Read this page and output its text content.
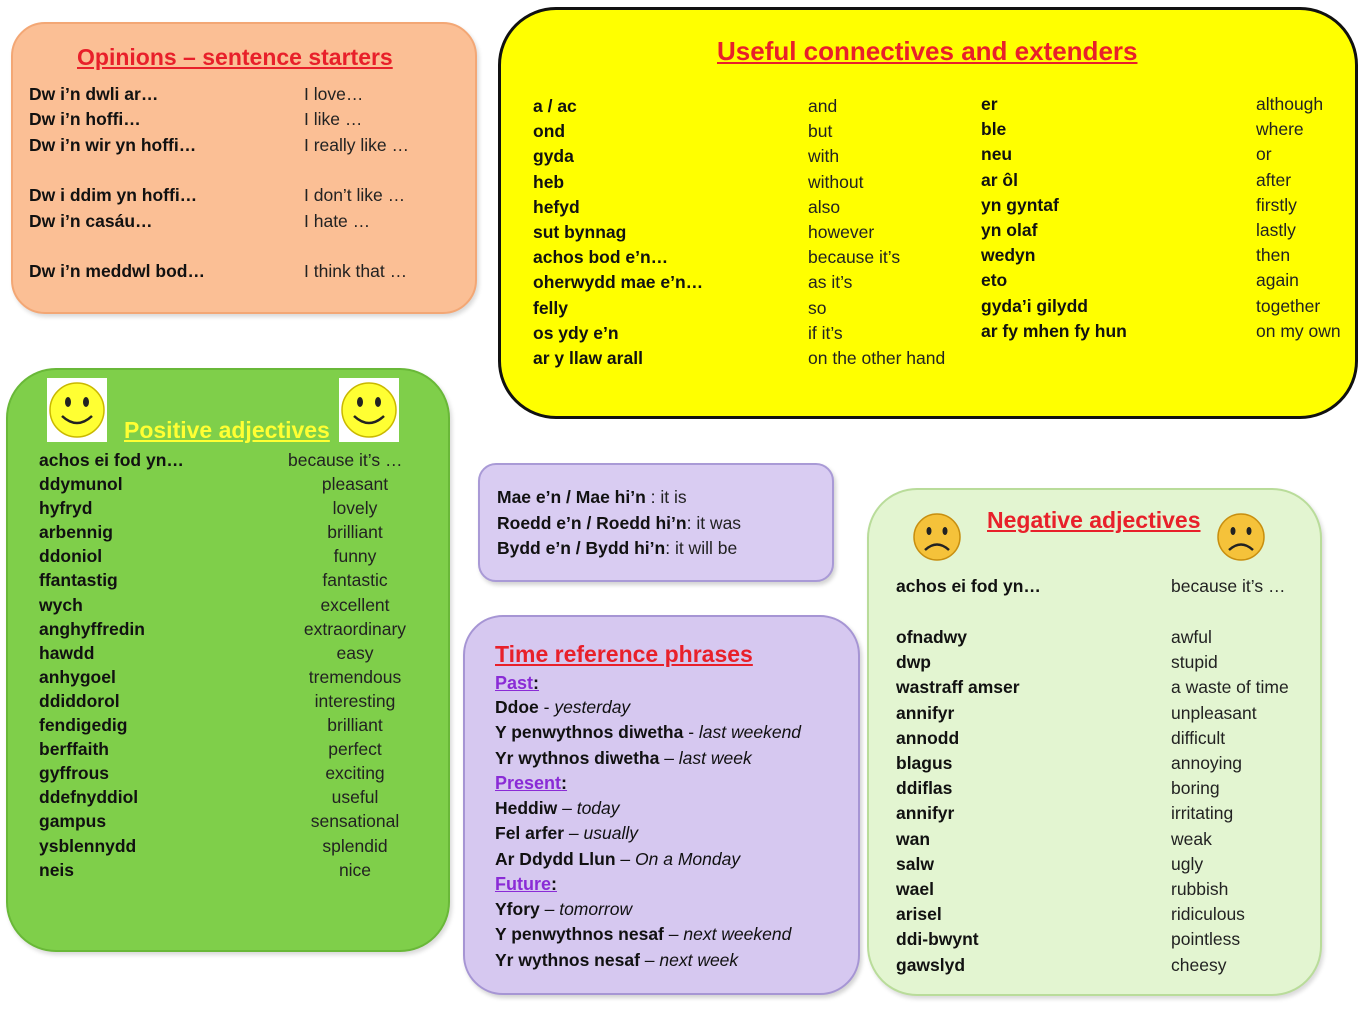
Opinions – sentence starters
Dw i’n dwli ar…	I love…
Dw i’n hoffi…	I like …
Dw i’n wir yn hoffi…	I really like …
Dw i ddim yn hoffi…	I don’t like …
Dw i’n casáu…	I hate …
Dw i’n meddwl bod…	I think that …
Useful connectives and extenders
a / ac	and
ond	but
gyda	with
heb	without
hefyd	also
sut bynnag	however
achos bod e’n…	because it’s
oherwydd mae e’n…	as it’s
felly	so
os ydy e’n	if it’s
ar y llaw arall	on the other hand
er	although
ble	where
neu	or
ar ôl	after
yn gyntaf	firstly
yn olaf	lastly
wedyn	then
eto	again
gyda’i gilydd	together
ar fy mhen fy hun	on my own
Positive adjectives
achos ei fod yn…	because it’s …
ddymunol	pleasant
hyfryd	lovely
arbennig	brilliant
ddoniol	funny
ffantastig	fantastic
wych	excellent
anghyffredin	extraordinary
hawdd	easy
anhygoel	tremendous
ddiddorol	interesting
fendigedig	brilliant
berffaith	perfect
gyffrous	exciting
ddefnyddiol	useful
gampus	sensational
ysblennydd	splendid
neis	nice
Mae e’n / Mae hi’n : it is
Roedd e’n / Roedd hi’n: it was
Bydd e’n / Bydd hi’n: it will be
Time reference phrases
Past:
Ddoe - yesterday
Y penwythnos diwetha - last weekend
Yr wythnos diwetha – last week
Present:
Heddiw – today
Fel arfer – usually
Ar Ddydd Llun – On a Monday
Future:
Yfory – tomorrow
Y penwythnos nesaf – next weekend
Yr wythnos nesaf – next week
Negative adjectives
achos ei fod yn…	because it’s …
ofnadwy	awful
dwp	stupid
wastraff amser	a waste of time
annifyr	unpleasant
annodd	difficult
blagus	annoying
ddiflas	boring
annifyr	irritating
wan	weak
salw	ugly
wael	rubbish
arisel	ridiculous
ddi-bwynt	pointless
gawslyd	cheesy
